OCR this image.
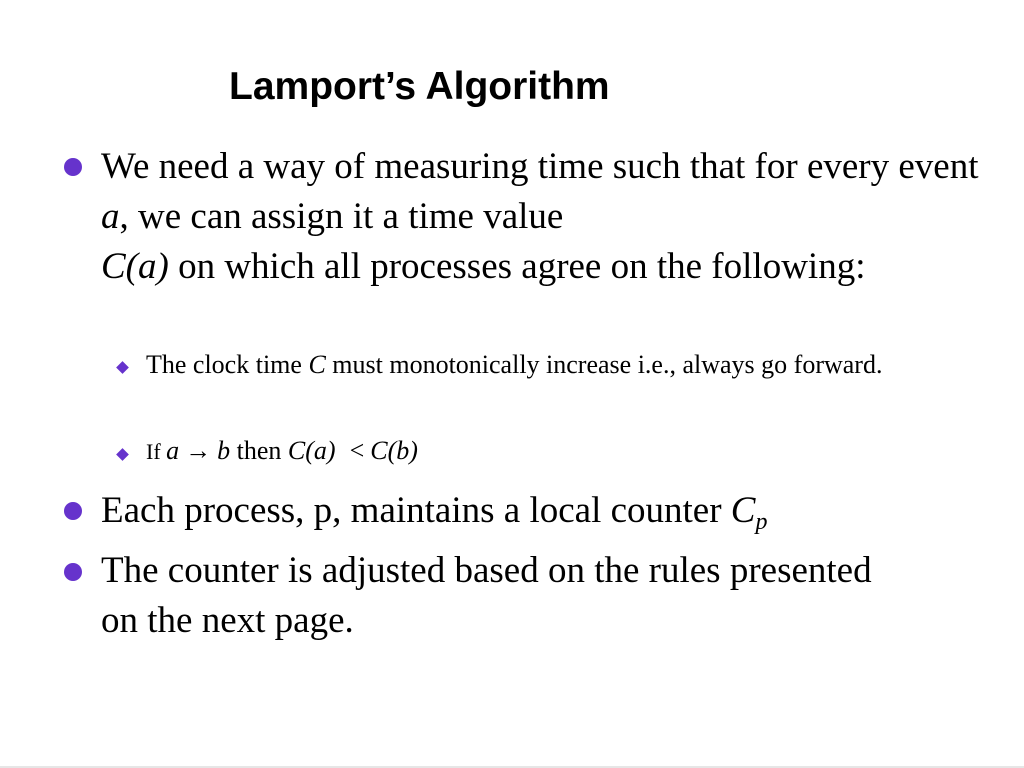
Lamport’s Algorithm
We need a way of measuring time such that for every event a, we can assign it a time value
C(a) on which all processes agree on the following:
The clock time C must monotonically increase i.e., always go forward.
If a → b then C(a) < C(b)
Each process, p, maintains a local counter $C_p$
The counter is adjusted based on the rules presented on the next page.
